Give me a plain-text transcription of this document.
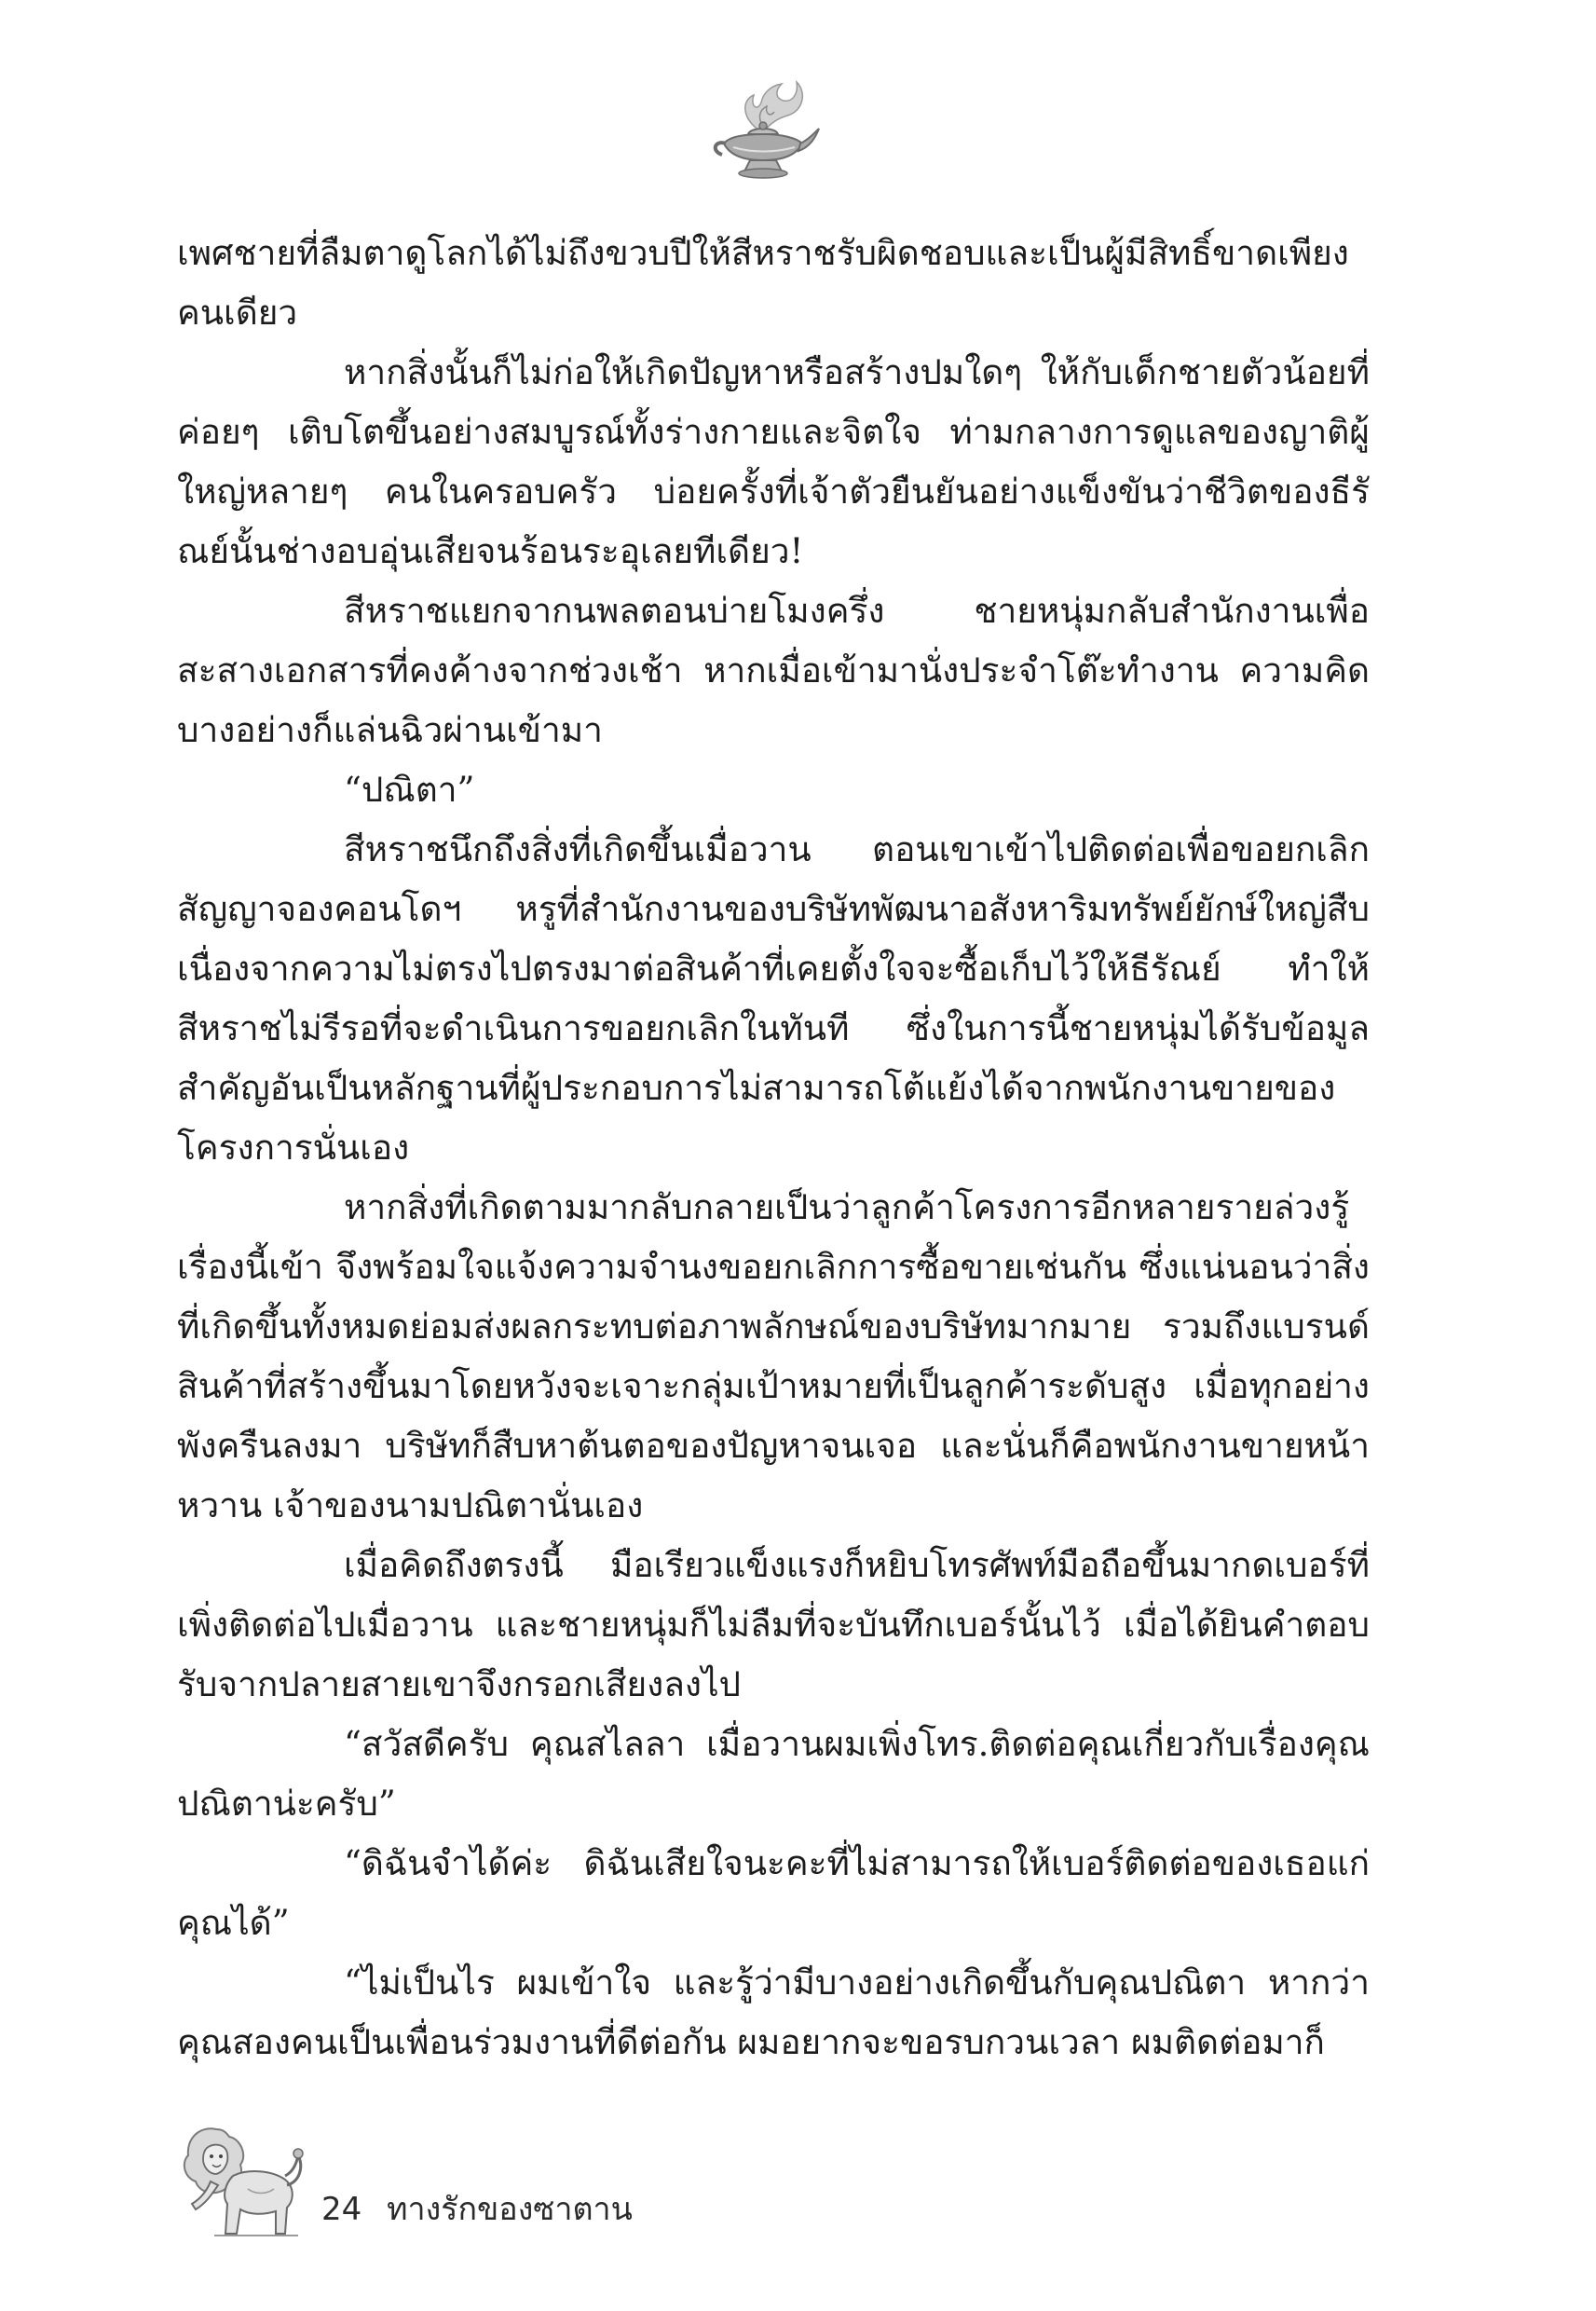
เพศชายที่ลืมตาดูโลกได้ไม่ถึงขวบปีให้สีหราชรับผิดชอบและเป็นผู้มีสิทธิ์ขาดเพียงคนเดียว

หากสิ่งนั้นก็ไม่ก่อให้เกิดปัญหาหรือสร้างปมใดๆ ให้กับเด็กชายตัวน้อยที่ค่อยๆ เติบโตขึ้นอย่างสมบูรณ์ทั้งร่างกายและจิตใจ ท่ามกลางการดูแลของญาติผู้ใหญ่หลายๆ คนในครอบครัว บ่อยครั้งที่เจ้าตัวยืนยันอย่างแข็งขันว่าชีวิตของธีรัณย์นั้นช่างอบอุ่นเสียจนร้อนระอุเลยทีเดียว!

สีหราชแยกจากนพลตอนบ่ายโมงครึ่ง ชายหนุ่มกลับสำนักงานเพื่อสะสางเอกสารที่คงค้างจากช่วงเช้า หากเมื่อเข้ามานั่งประจำโต๊ะทำงาน ความคิดบางอย่างก็แล่นฉิวผ่านเข้ามา

“ปณิตา”

สีหราชนึกถึงสิ่งที่เกิดขึ้นเมื่อวาน ตอนเขาเข้าไปติดต่อเพื่อขอยกเลิกสัญญาจองคอนโดฯ หรูที่สำนักงานของบริษัทพัฒนาอสังหาริมทรัพย์ยักษ์ใหญ่สืบเนื่องจากความไม่ตรงไปตรงมาต่อสินค้าที่เคยตั้งใจจะซื้อเก็บไว้ให้ธีรัณย์ ทำให้สีหราชไม่รีรอที่จะดำเนินการขอยกเลิกในทันที ซึ่งในการนี้ชายหนุ่มได้รับข้อมูลสำคัญอันเป็นหลักฐานที่ผู้ประกอบการไม่สามารถโต้แย้งได้จากพนักงานขายของโครงการนั่นเอง

หากสิ่งที่เกิดตามมากลับกลายเป็นว่าลูกค้าโครงการอีกหลายรายล่วงรู้เรื่องนี้เข้า จึงพร้อมใจแจ้งความจำนงขอยกเลิกการซื้อขายเช่นกัน ซึ่งแน่นอนว่าสิ่งที่เกิดขึ้นทั้งหมดย่อมส่งผลกระทบต่อภาพลักษณ์ของบริษัทมากมาย รวมถึงแบรนด์สินค้าที่สร้างขึ้นมาโดยหวังจะเจาะกลุ่มเป้าหมายที่เป็นลูกค้าระดับสูง เมื่อทุกอย่างพังครืนลงมา บริษัทก็สืบหาต้นตอของปัญหาจนเจอ และนั่นก็คือพนักงานขายหน้าหวาน เจ้าของนามปณิตานั่นเอง

เมื่อคิดถึงตรงนี้ มือเรียวแข็งแรงก็หยิบโทรศัพท์มือถือขึ้นมากดเบอร์ที่เพิ่งติดต่อไปเมื่อวาน และชายหนุ่มก็ไม่ลืมที่จะบันทึกเบอร์นั้นไว้ เมื่อได้ยินคำตอบรับจากปลายสายเขาจึงกรอกเสียงลงไป

“สวัสดีครับ คุณสไลลา เมื่อวานผมเพิ่งโทร.ติดต่อคุณเกี่ยวกับเรื่องคุณปณิตาน่ะครับ”

“ดิฉันจำได้ค่ะ ดิฉันเสียใจนะคะที่ไม่สามารถให้เบอร์ติดต่อของเธอแก่คุณได้”

“ไม่เป็นไร ผมเข้าใจ และรู้ว่ามีบางอย่างเกิดขึ้นกับคุณปณิตา หากว่าคุณสองคนเป็นเพื่อนร่วมงานที่ดีต่อกัน ผมอยากจะขอรบกวนเวลา ผมติดต่อมาก็

24 ทางรักของซาตาน
